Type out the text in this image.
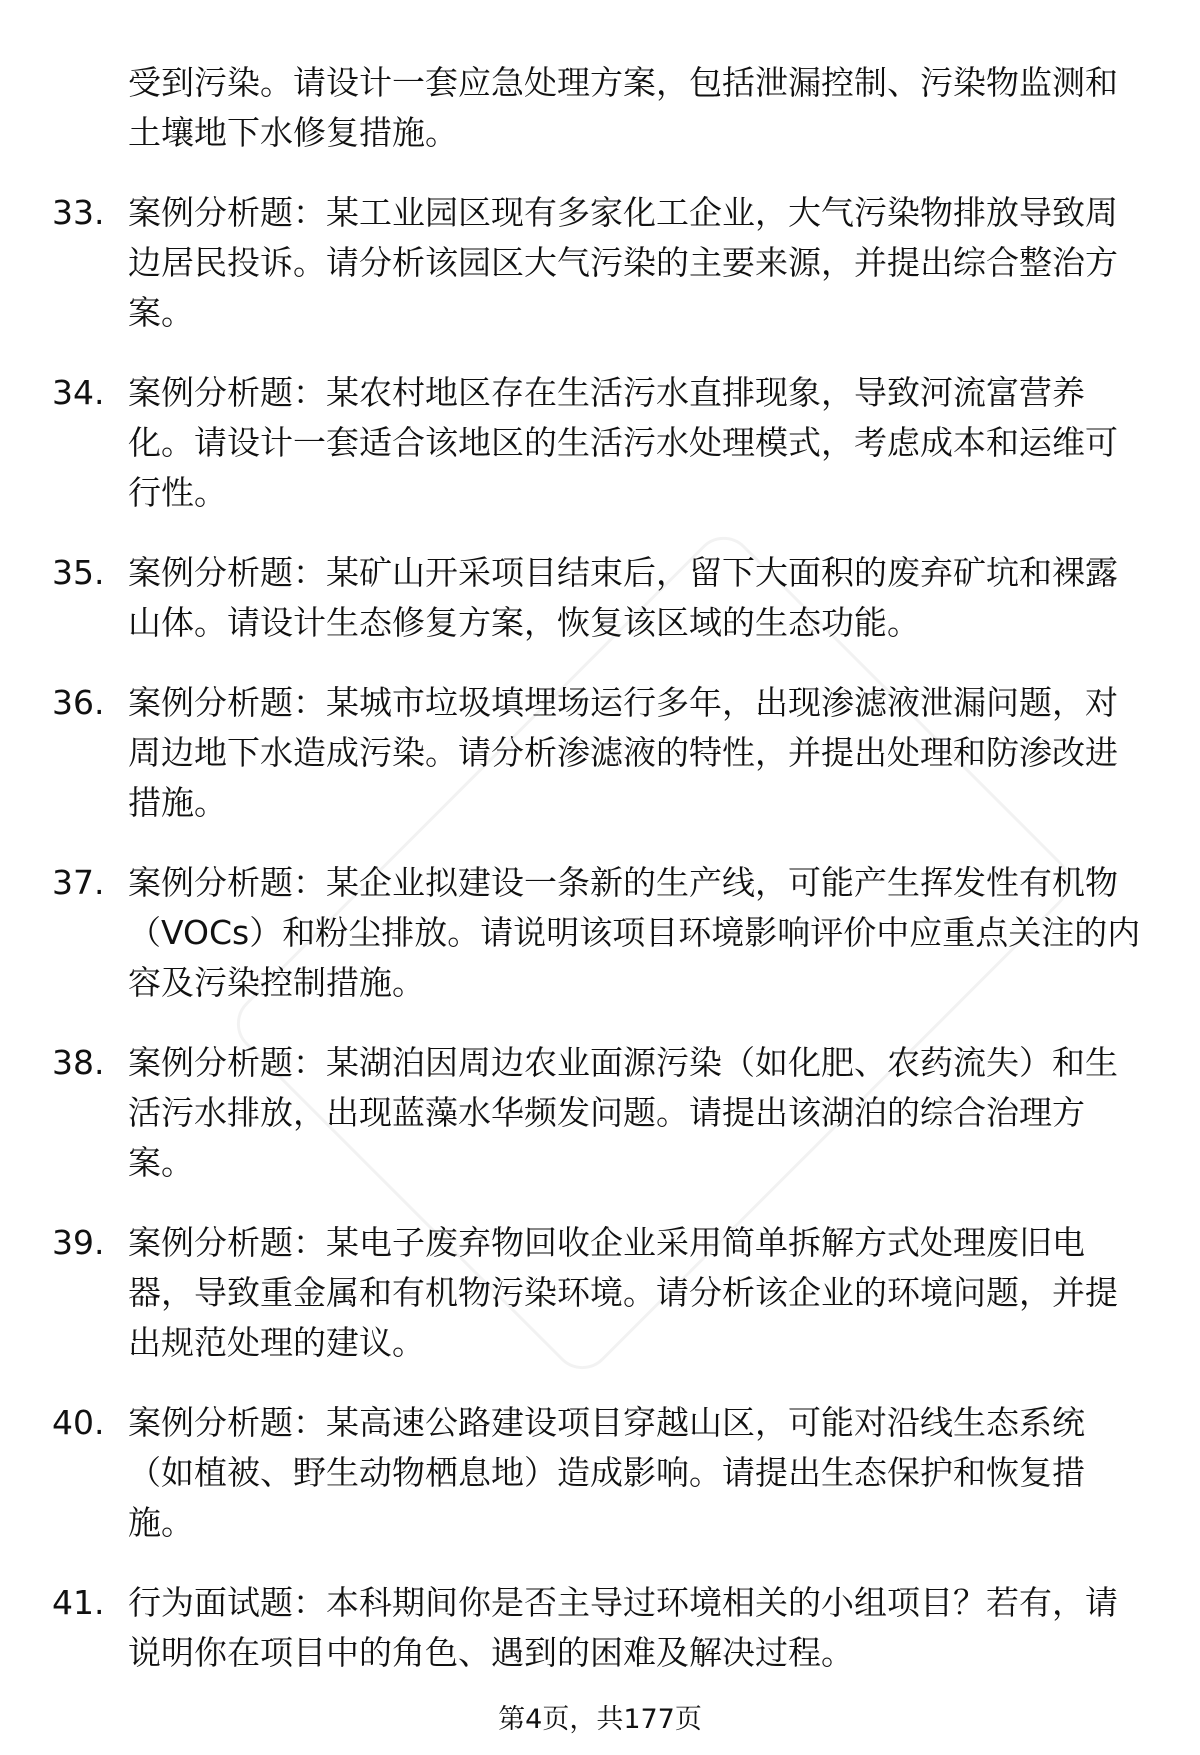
受到污染。请设计一套应急处理方案，包括泄漏控制、污染物监测和土壤地下水修复措施。

33. 案例分析题：某工业园区现有多家化工企业，大气污染物排放导致周边居民投诉。请分析该园区大气污染的主要来源，并提出综合整治方案。
34. 案例分析题：某农村地区存在生活污水直排现象，导致河流富营养化。请设计一套适合该地区的生活污水处理模式，考虑成本和运维可行性。
35. 案例分析题：某矿山开采项目结束后，留下大面积的废弃矿坑和裸露山体。请设计生态修复方案，恢复该区域的生态功能。
36. 案例分析题：某城市垃圾填埋场运行多年，出现渗滤液泄漏问题，对周边地下水造成污染。请分析渗滤液的特性，并提出处理和防渗改进措施。
37. 案例分析题：某企业拟建设一条新的生产线，可能产生挥发性有机物（VOCs）和粉尘排放。请说明该项目环境影响评价中应重点关注的内容及污染控制措施。
38. 案例分析题：某湖泊因周边农业面源污染（如化肥、农药流失）和生活污水排放，出现蓝藻水华频发问题。请提出该湖泊的综合治理方案。
39. 案例分析题：某电子废弃物回收企业采用简单拆解方式处理废旧电器，导致重金属和有机物污染环境。请分析该企业的环境问题，并提出规范处理的建议。
40. 案例分析题：某高速公路建设项目穿越山区，可能对沿线生态系统（如植被、野生动物栖息地）造成影响。请提出生态保护和恢复措施。
41. 行为面试题：本科期间你是否主导过环境相关的小组项目？若有，请说明你在项目中的角色、遇到的困难及解决过程。
第4页，共177页
